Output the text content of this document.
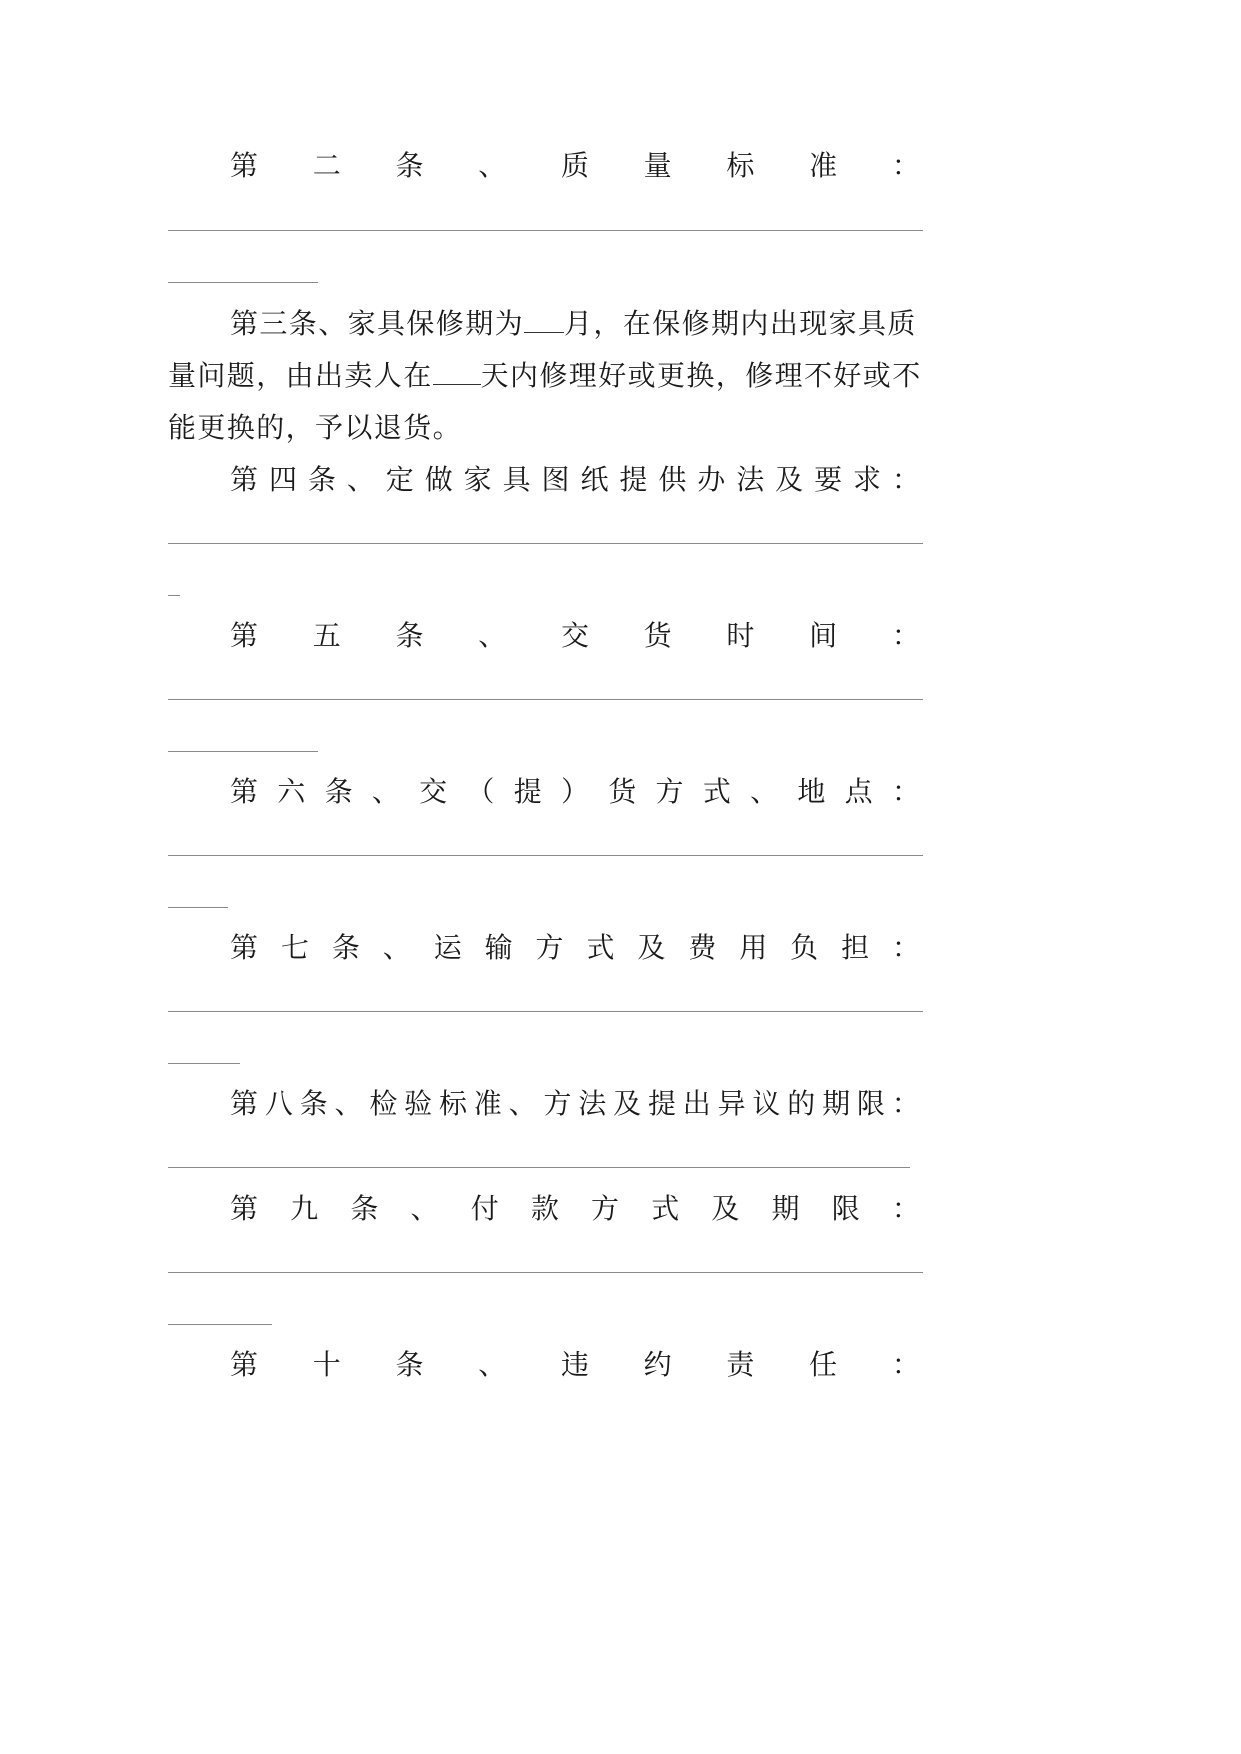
第 二 条 、 质 量 标 准 ：

第三条、家具保修期为 月，在保修期内出现家具质量问题，由出卖人在 天内修理好或更换，修理不好或不能更换的，予以退货。

第 四 条 、 定 做 家 具 图 纸 提 供 办 法 及 要 求 ：
第 五 条 、 交 货 时 间 ：
第 六 条 、 交 （ 提 ） 货 方 式 、 地 点 ：
第 七 条 、 运 输 方 式 及 费 用 负 担 ：
第 八 条 、 检 验 标 准 、 方 法 及 提 出 异 议 的 期 限 ：
第 九 条 、 付 款 方 式 及 期 限 ：
第 十 条 、 违 约 责 任 ：
